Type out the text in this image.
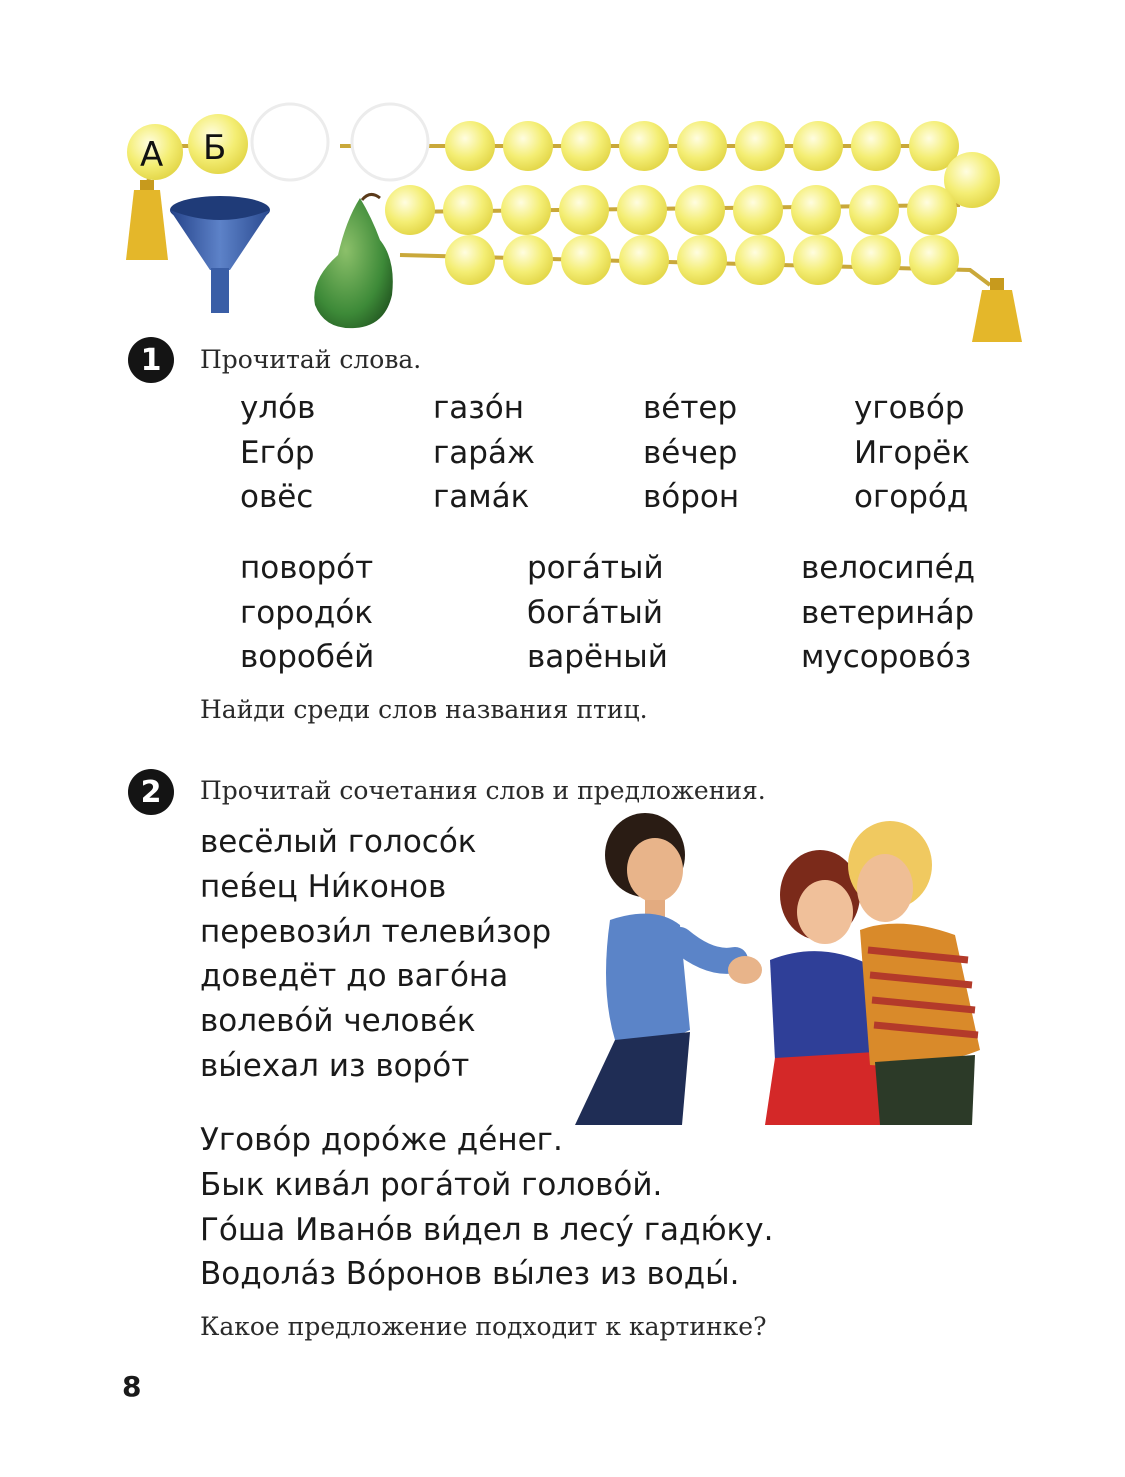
А Б
1	Прочитай слова.
уло́в
Его́р
овёс
газо́н
гара́ж
гама́к
ве́тер
ве́чер
во́рон
угово́р
Игорёк
огоро́д
поворо́т
городо́к
воробе́й
рога́тый
бога́тый
варёный
велосипе́д
ветерина́р
мусорово́з
Найди среди слов названия птиц.
2	Прочитай сочетания слов и предложения.
весёлый голосо́к
пев́ец Ни́конов
перевози́л телеви́зор
доведёт до ваго́на
волево́й челове́к
вы́ехал из воро́т
Угово́р доро́же де́нег.
Бык кива́л рога́той голово́й.
Го́ша Ивано́в ви́дел в лесу́ гадю́ку.
Водола́з Во́ронов вы́лез из воды́.
Какое предложение подходит к картинке?
8
